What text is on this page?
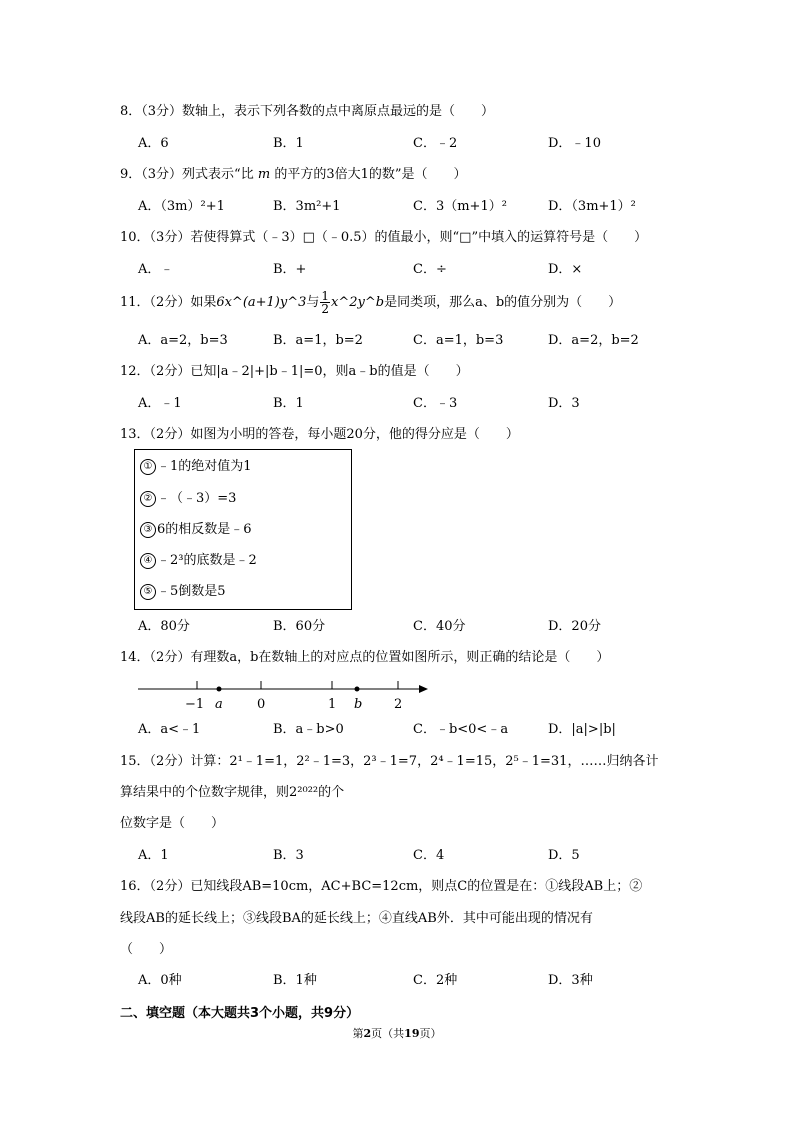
8．（3分）数轴上，表示下列各数的点中离原点最远的是（　　）
A．6	B．1	C．﹣2	D．﹣10
9．（3分）列式表示“比 m 的平方的3倍大1的数”是（　　）
A．（3m）²+1	B．3m²+1	C．3（m+1）²	D．（3m+1）²
10．（3分）若使得算式（﹣3）□（﹣0.5）的值最小，则“□”中填入的运算符号是（　　）
A．﹣	B．+	C．÷	D．×
11．（2分）如果6x^(a+1)y^3与 $\frac{1}{2}$ x^2y^b是同类项，那么a、b的值分别为（　　）
A．a=2，b=3	B．a=1，b=2	C．a=1，b=3	D．a=2，b=2
12．（2分）已知|a﹣2|+|b﹣1|=0，则a﹣b的值是（　　）
A．﹣1	B．1	C．﹣3	D．3
13．（2分）如图为小明的答卷，每小题20分，他的得分应是（　　）
① ﹣1的绝对值为1
② ﹣（﹣3）=3
③ 6的相反数是﹣6
④ ﹣2³的底数是﹣2
⑤ ﹣5倒数是5
A．80分	B．60分	C．40分	D．20分
14．（2分）有理数a，b在数轴上的对应点的位置如图所示，则正确的结论是（　　）
−1 a	0	1 b 2
A．a<﹣1	B．a﹣b>0	C．﹣b<0<﹣a	D．|a|>|b|
15．（2分）计算：2¹﹣1=1，2²﹣1=3，2³﹣1=7，2⁴﹣1=15，2⁵﹣1=31，……归纳各计
算结果中的个位数字规律，则2²⁰²²的个
位数字是（　　）
A．1	B．3	C．4	D．5
16．（2分）已知线段AB=10cm，AC+BC=12cm，则点C的位置是在：①线段AB上；②
线段AB的延长线上；③线段BA的延长线上；④直线AB外．其中可能出现的情况有
（　　）
A．0种	B．1种	C．2种	D．3种
二、填空题（本大题共3个小题，共9分）
第2页（共19页）
